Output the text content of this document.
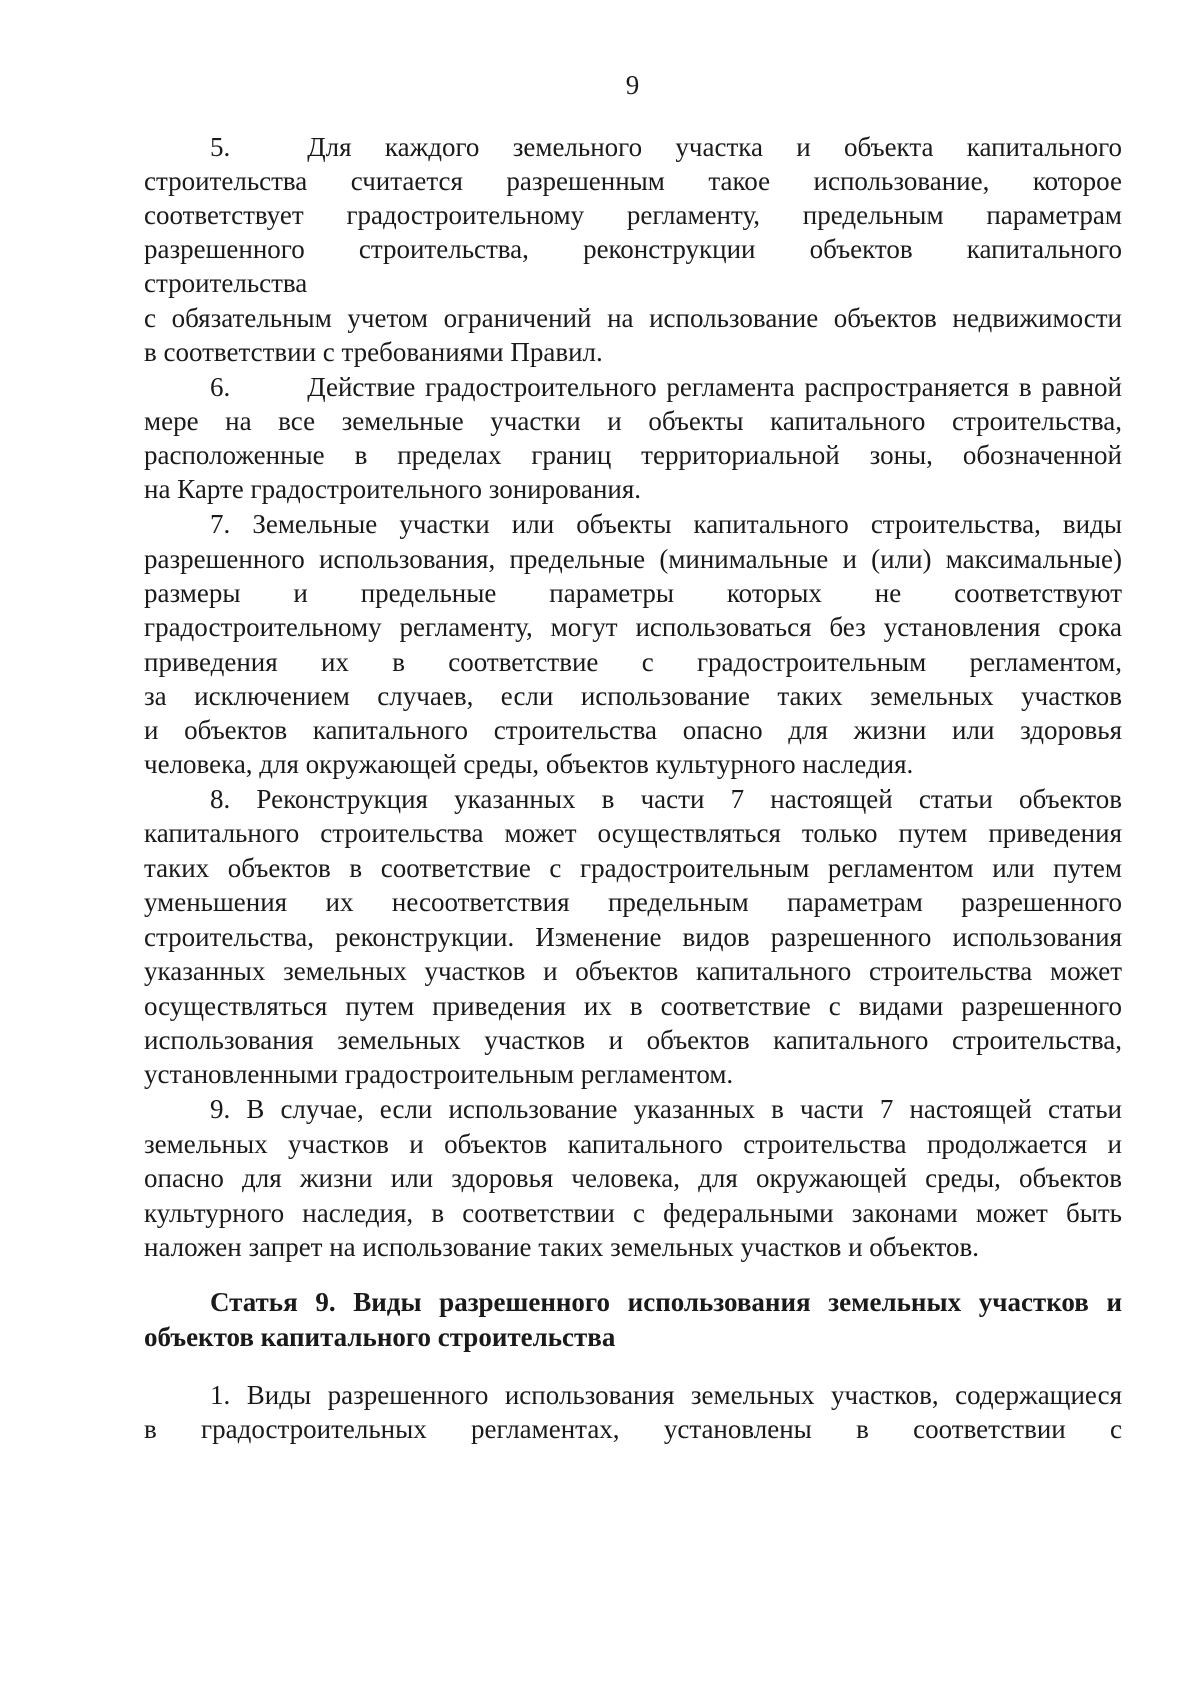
9
5.	Для каждого земельного участка и объекта капитального
строительства считается разрешенным такое использование, которое
соответствует градостроительному регламенту, предельным параметрам
разрешенного строительства, реконструкции объектов капитального
строительства
с обязательным учетом ограничений на использование объектов недвижимости
в соответствии с требованиями Правил.
6.	Действие градостроительного регламента распространяется в равной
мере на все земельные участки и объекты капитального строительства,
расположенные в пределах границ территориальной зоны, обозначенной
на Карте градостроительного зонирования.
7. Земельные участки или объекты капитального строительства, виды
разрешенного использования, предельные (минимальные и (или) максимальные)
размеры и предельные параметры которых не соответствуют
градостроительному регламенту, могут использоваться без установления срока
приведения их в соответствие с градостроительным регламентом,
за исключением случаев, если использование таких земельных участков
и объектов капитального строительства опасно для жизни или здоровья
человека, для окружающей среды, объектов культурного наследия.
8. Реконструкция указанных в части 7 настоящей статьи объектов
капитального строительства может осуществляться только путем приведения
таких объектов в соответствие с градостроительным регламентом или путем
уменьшения их несоответствия предельным параметрам разрешенного
строительства, реконструкции. Изменение видов разрешенного использования
указанных земельных участков и объектов капитального строительства может
осуществляться путем приведения их в соответствие с видами разрешенного
использования земельных участков и объектов капитального строительства,
установленными градостроительным регламентом.
9. В случае, если использование указанных в части 7 настоящей статьи
земельных участков и объектов капитального строительства продолжается и
опасно для жизни или здоровья человека, для окружающей среды, объектов
культурного наследия, в соответствии с федеральными законами может быть
наложен запрет на использование таких земельных участков и объектов.
Статья 9. Виды разрешенного использования земельных участков и
объектов капитального строительства
1. Виды разрешенного использования земельных участков, содержащиеся
в градостроительных регламентах, установлены в соответствии с
